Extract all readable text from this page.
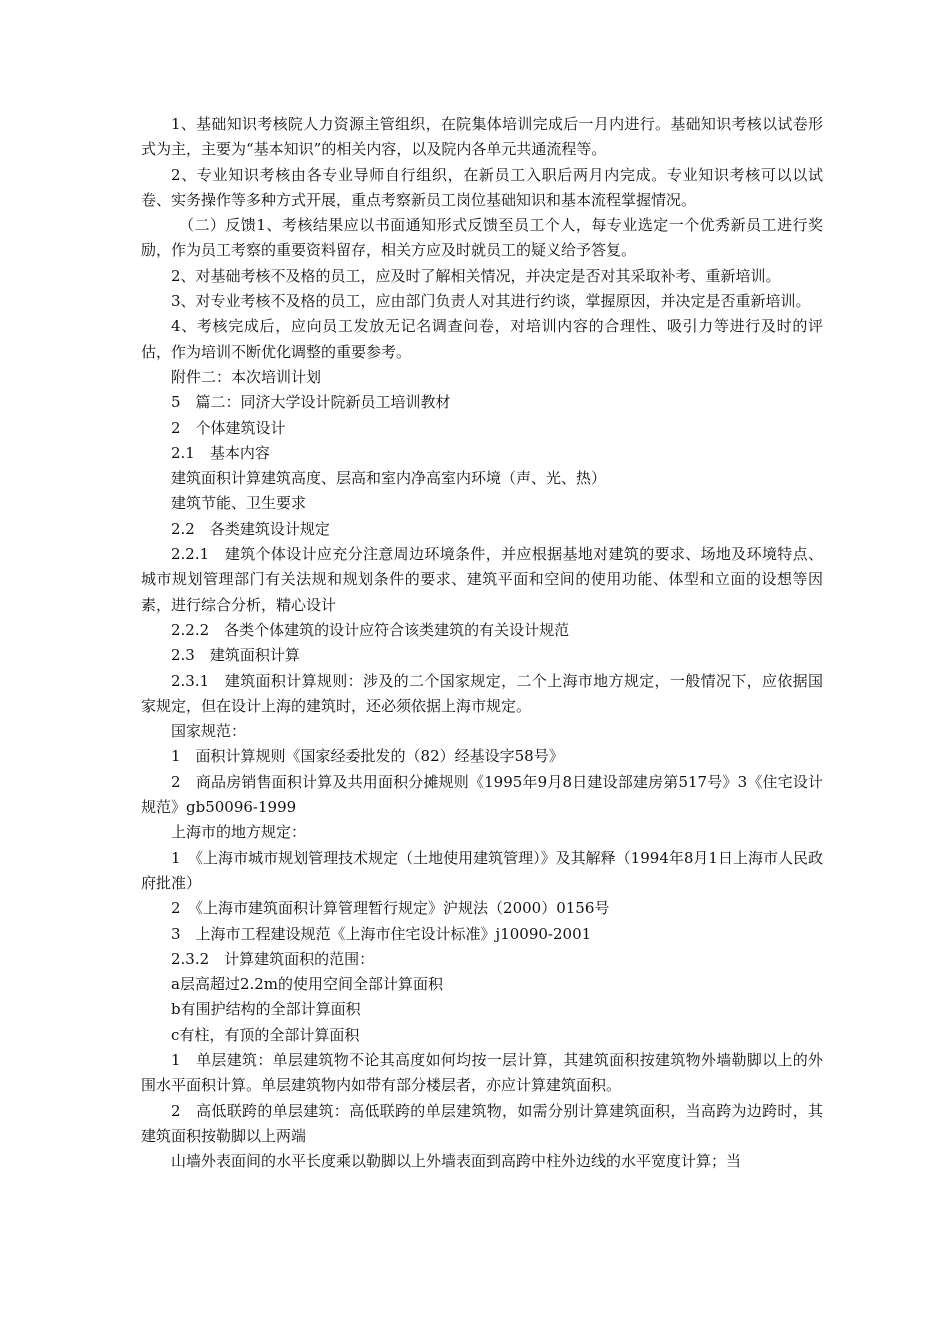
1、基础知识考核院人力资源主管组织，在院集体培训完成后一月内进行。基础知识考核以试卷形式为主，主要为“基本知识”的相关内容，以及院内各单元共通流程等。

2、专业知识考核由各专业导师自行组织，在新员工入职后两月内完成。专业知识考核可以以试卷、实务操作等多种方式开展，重点考察新员工岗位基础知识和基本流程掌握情况。

（二）反馈1、考核结果应以书面通知形式反馈至员工个人，每专业选定一个优秀新员工进行奖励，作为员工考察的重要资料留存，相关方应及时就员工的疑义给予答复。

2、对基础考核不及格的员工，应及时了解相关情况，并决定是否对其采取补考、重新培训。

3、对专业考核不及格的员工，应由部门负责人对其进行约谈，掌握原因，并决定是否重新培训。

4、考核完成后，应向员工发放无记名调查问卷，对培训内容的合理性、吸引力等进行及时的评估，作为培训不断优化调整的重要参考。

附件二：本次培训计划

5　篇二：同济大学设计院新员工培训教材

2　个体建筑设计

2.1　基本内容

建筑面积计算建筑高度、层高和室内净高室内环境（声、光、热）

建筑节能、卫生要求

2.2　各类建筑设计规定

2.2.1　建筑个体设计应充分注意周边环境条件，并应根据基地对建筑的要求、场地及环境特点、城市规划管理部门有关法规和规划条件的要求、建筑平面和空间的使用功能、体型和立面的设想等因素，进行综合分析，精心设计

2.2.2　各类个体建筑的设计应符合该类建筑的有关设计规范

2.3　建筑面积计算

2.3.1　建筑面积计算规则：涉及的二个国家规定，二个上海市地方规定，一般情况下，应依据国家规定，但在设计上海的建筑时，还必须依据上海市规定。

国家规范：

1　面积计算规则《国家经委批发的（82）经基设字58号》

2　商品房销售面积计算及共用面积分摊规则《1995年9月8日建设部建房第517号》3《住宅设计规范》gb50096-1999

上海市的地方规定：

1　《上海市城市规划管理技术规定（土地使用建筑管理）》及其解释（1994年8月1日上海市人民政府批准）

2　《上海市建筑面积计算管理暂行规定》沪规法（2000）0156号

3　上海市工程建设规范《上海市住宅设计标准》j10090-2001

2.3.2　计算建筑面积的范围：

a层高超过2.2m的使用空间全部计算面积

b有围护结构的全部计算面积

c有柱，有顶的全部计算面积

1　单层建筑：单层建筑物不论其高度如何均按一层计算，其建筑面积按建筑物外墙勒脚以上的外围水平面积计算。单层建筑物内如带有部分楼层者，亦应计算建筑面积。

2　高低联跨的单层建筑：高低联跨的单层建筑物，如需分别计算建筑面积，当高跨为边跨时，其建筑面积按勒脚以上两端

山墙外表面间的水平长度乘以勒脚以上外墙表面到高跨中柱外边线的水平宽度计算；当
